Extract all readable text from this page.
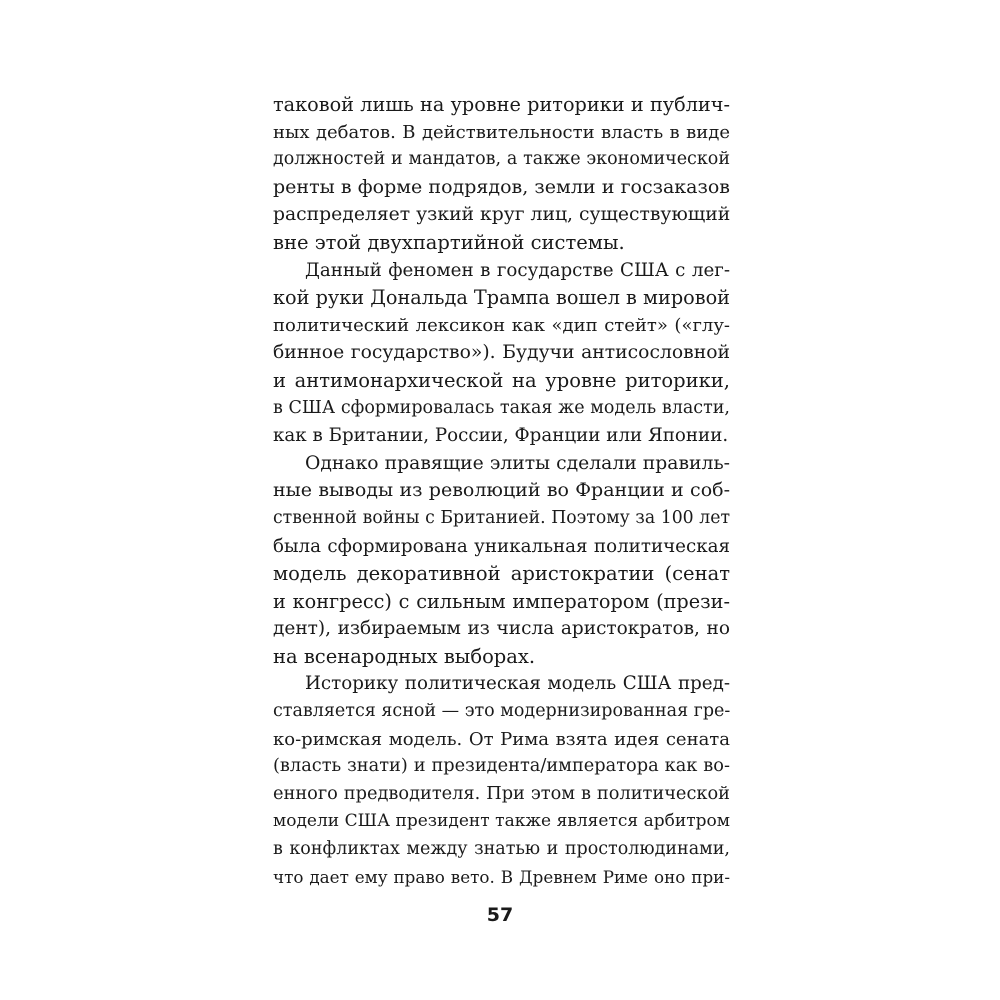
таковой лишь на уровне риторики и публич-
ных дебатов. В действительности власть в виде
должностей и мандатов, а также экономической
ренты в форме подрядов, земли и госзаказов
распределяет узкий круг лиц, существующий
вне этой двухпартийной системы.
Данный феномен в государстве США с лег-
кой руки Дональда Трампа вошел в мировой
политический лексикон как «дип стейт» («глу-
бинное государство»). Будучи антисословной
и антимонархической на уровне риторики,
в США сформировалась такая же модель власти,
как в Британии, России, Франции или Японии.
Однако правящие элиты сделали правиль-
ные выводы из революций во Франции и соб-
ственной войны с Британией. Поэтому за 100 лет
была сформирована уникальная политическая
модель декоративной аристократии (сенат
и конгресс) с сильным императором (прези-
дент), избираемым из числа аристократов, но
на всенародных выборах.
Историку политическая модель США пред-
ставляется ясной — это модернизированная гре-
ко-римская модель. От Рима взята идея сената
(власть знати) и президента/императора как во-
енного предводителя. При этом в политической
модели США президент также является арбитром
в конфликтах между знатью и простолюдинами,
что дает ему право вето. В Древнем Риме оно при-
57
